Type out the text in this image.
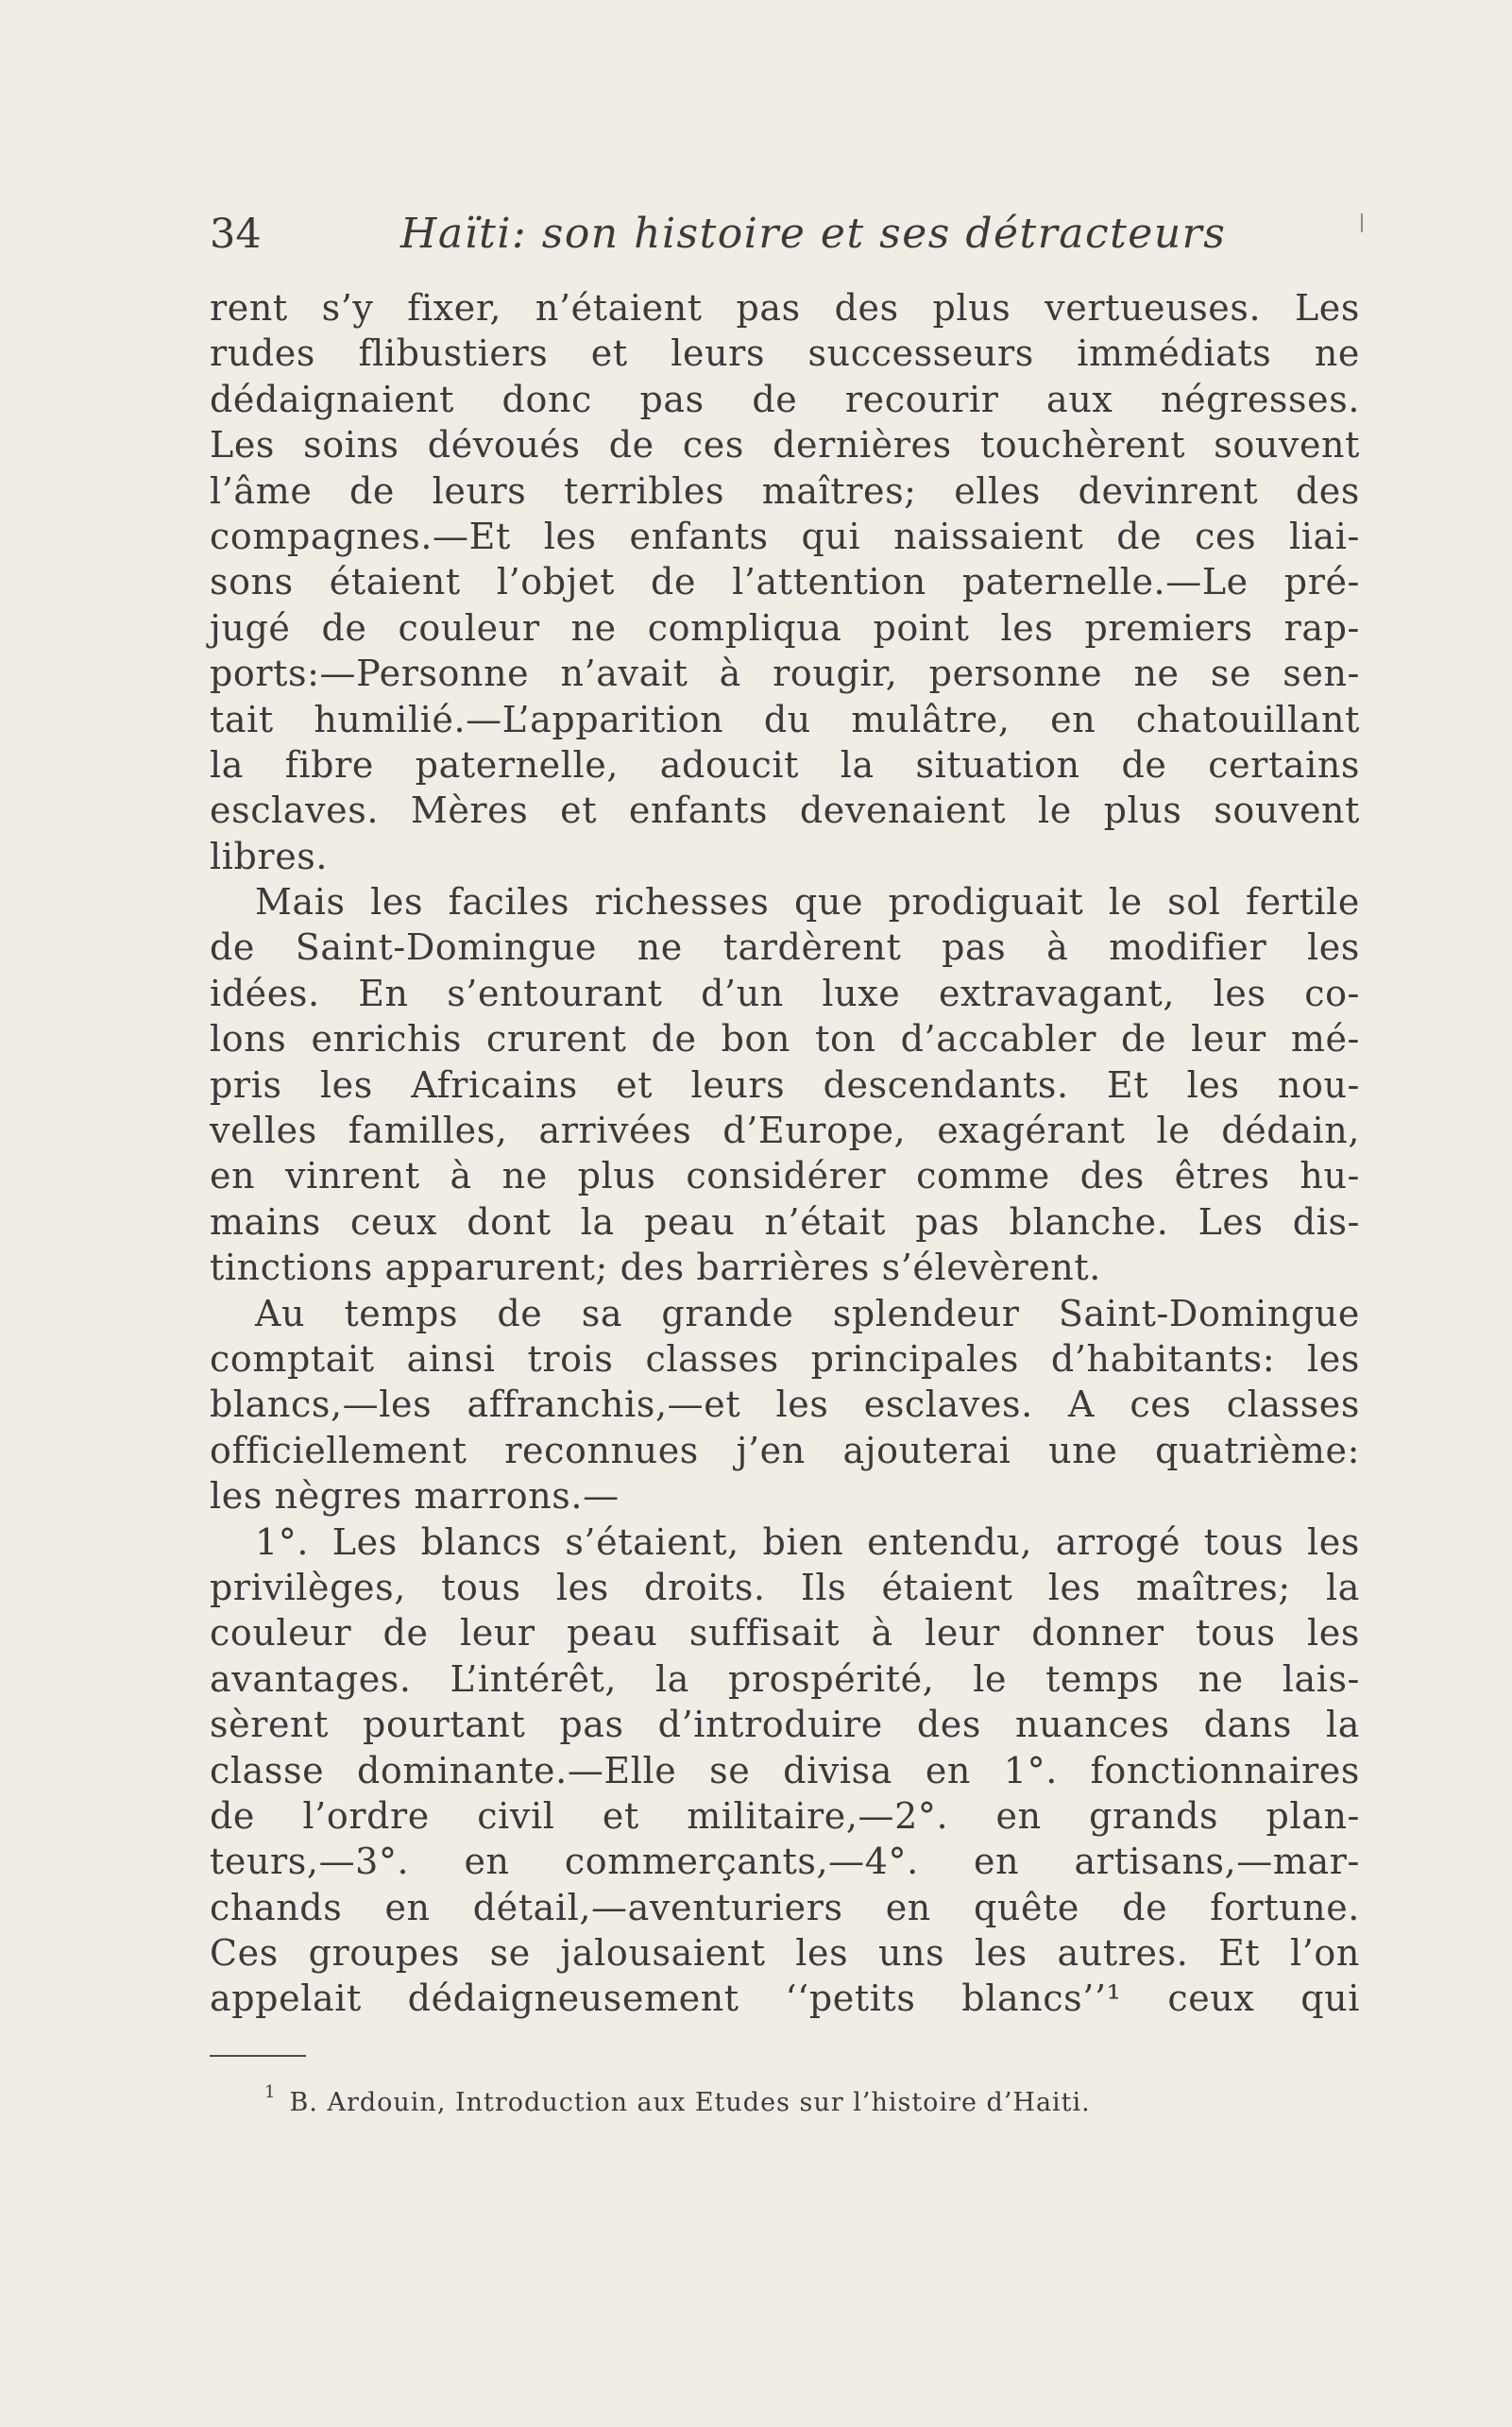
34	Haïti: son histoire et ses détracteurs
rent s’y fixer, n’étaient pas des plus vertueuses. Les
rudes flibustiers et leurs successeurs immédiats ne
dédaignaient donc pas de recourir aux négresses.
Les soins dévoués de ces dernières touchèrent souvent
l’âme de leurs terribles maîtres; elles devinrent des
compagnes.—Et les enfants qui naissaient de ces liai-
sons étaient l’objet de l’attention paternelle.—Le pré-
jugé de couleur ne compliqua point les premiers rap-
ports:—Personne n’avait à rougir, personne ne se sen-
tait humilié.—L’apparition du mulâtre, en chatouillant
la fibre paternelle, adoucit la situation de certains
esclaves. Mères et enfants devenaient le plus souvent
libres.
Mais les faciles richesses que prodiguait le sol fertile
de Saint-Domingue ne tardèrent pas à modifier les
idées. En s’entourant d’un luxe extravagant, les co-
lons enrichis crurent de bon ton d’accabler de leur mé-
pris les Africains et leurs descendants. Et les nou-
velles familles, arrivées d’Europe, exagérant le dédain,
en vinrent à ne plus considérer comme des êtres hu-
mains ceux dont la peau n’était pas blanche. Les dis-
tinctions apparurent; des barrières s’élevèrent.
Au temps de sa grande splendeur Saint-Domingue
comptait ainsi trois classes principales d’habitants: les
blancs,—les affranchis,—et les esclaves. A ces classes
officiellement reconnues j’en ajouterai une quatrième:
les nègres marrons.—
1°. Les blancs s’étaient, bien entendu, arrogé tous les
privilèges, tous les droits. Ils étaient les maîtres; la
couleur de leur peau suffisait à leur donner tous les
avantages. L’intérêt, la prospérité, le temps ne lais-
sèrent pourtant pas d’introduire des nuances dans la
classe dominante.—Elle se divisa en 1°. fonctionnaires
de l’ordre civil et militaire,—2°. en grands plan-
teurs,—3°. en commerçants,—4°. en artisans,—mar-
chands en détail,—aventuriers en quête de fortune.
Ces groupes se jalousaient les uns les autres. Et l’on
appelait dédaigneusement ‘‘petits blancs’’¹ ceux qui
$^1$ B. Ardouin, Introduction aux Etudes sur l’histoire d’Haiti.
